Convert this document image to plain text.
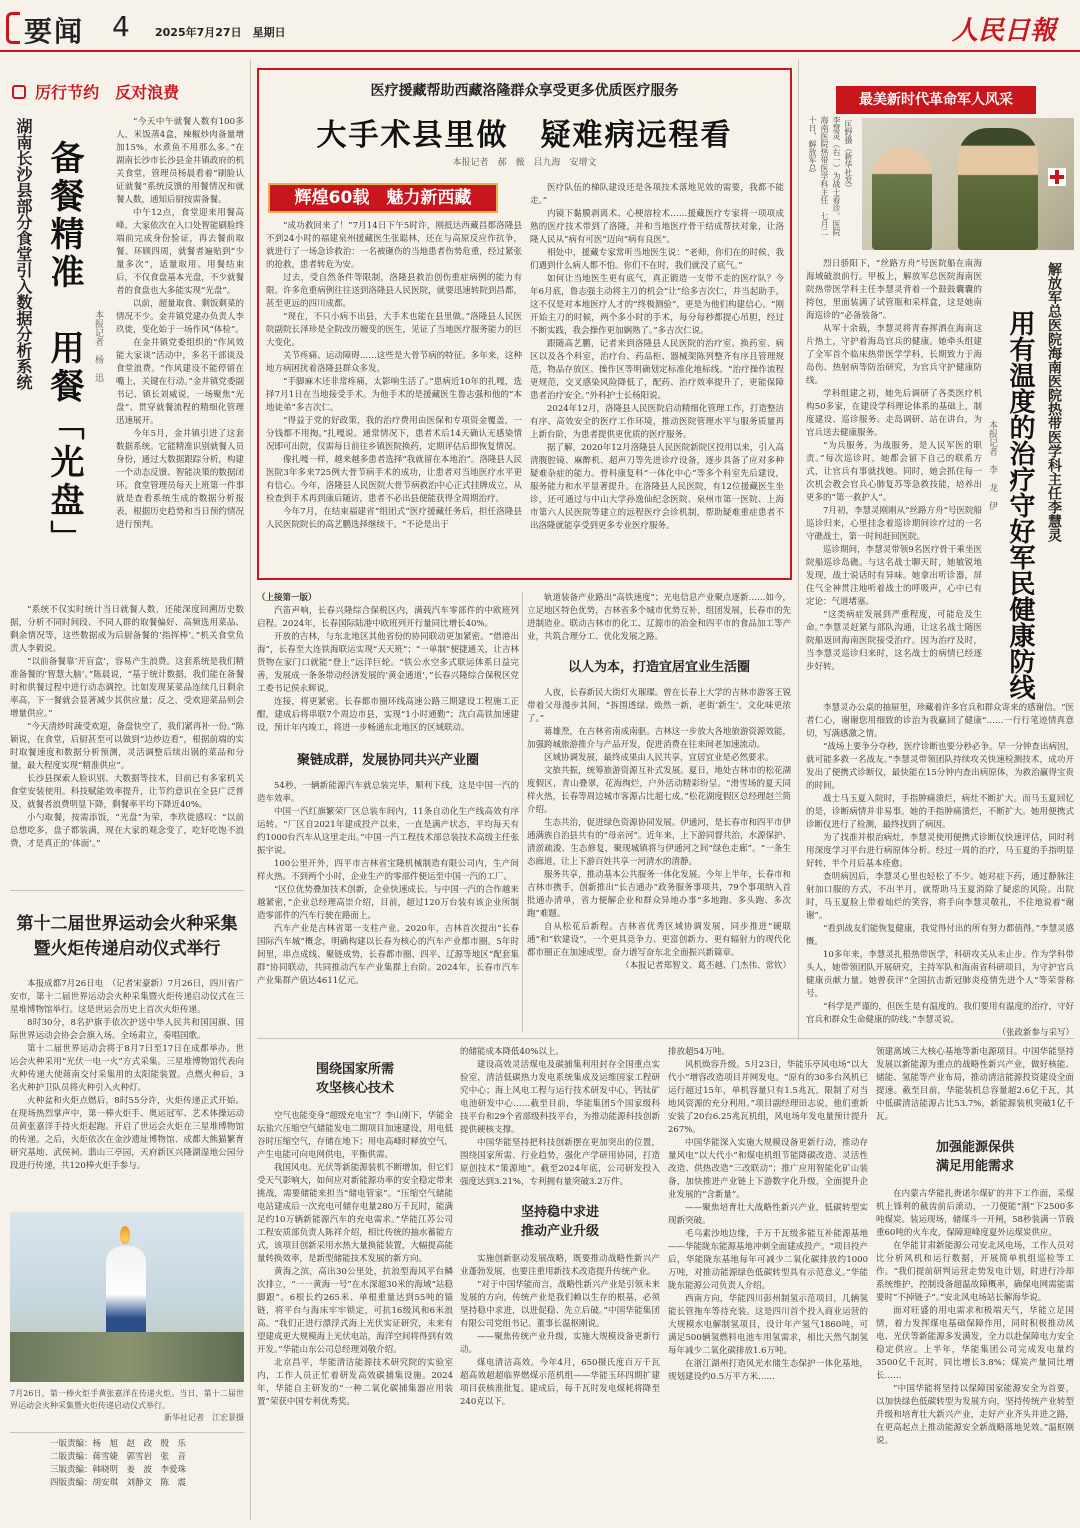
要闻 4 2025年7月27日　星期日	人民日報
厉行节约　反对浪费
湖南长沙县部分食堂引入数据分析系统 备餐精准　用餐「光盘」	本报记者　杨　迅

“今天中午就餐人数有100多人，米饭蒸4盒，辣椒炒肉备量增加15%，水煮鱼不用那么多。”在湖南长沙市长沙县金井镇政府的机关食堂，管理员杨晨看着“刷脸认证就餐”系统反馈的用餐情况和就餐人数，通知后厨按需备餐。

中午12点，食堂迎来用餐高峰。大家依次在入口处智能刷脸终端前完成身份验证，再去餐前取餐。环顾四周，就餐者遍贴到“少量多次”，适量取用。用餐结束后，不仅食盘基本光盘，不少就餐者的食盘也大多能实现“光盘”。

以前，超量取食、剩饭剩菜的情况不少。金井镇党建办负责人李玖徙，变化始于一场作风“体检”。

在金井镇党委组织的“作风效能大家谈”活动中，多名干部谈及食堂浪费。“作风建设不能停留在嘴上，关键在行动。”金井镇党委副书记、镇长刘威说，一场聚焦“光盘”、贯穿就餐流程的精细化管理迅速展开。

今年5月，金井镇引进了这套数据系统。它能精准识别就餐人员身份，通过大数据跟踪分析，构建一个动态反馈、智能决策的数据闭环。食堂管理员每天上班第一件事就是查看系统生成的数据分析报表，根据历史趋势和当日预约情况进行预判。

“系统不仅实时统计当日就餐人数，还能深度回溯历史数据，分析不同时间段、不同人群的取餐偏好、高频选用菜品、剩余情况等，这些数据成为后厨备餐的‘指挥棒’。”机关食堂负责人李毅说。

“以前备餐靠‘开盲盒’，容易产生浪费。这套系统是我们精准备餐的‘智慧大脑’。”陈晨说，“基于统计数据，我们能在备餐时和供餐过程中进行动态调控。比如发现某菜品连续几日剩余率高，下一餐就会显著减少其供应量；反之，受欢迎菜品则会增量供应。”

“今天清炒时蔬受欢迎，备盘快空了，我们紧再补一份。”陈颖说，在食堂，后厨甚至可以做到“边炒边看”，根据前端的实时取餐速度和数据分析预测，灵活调整后续出锅的菜品和分量，最大程度实现“精准供应”。

长沙县探索人脸识别、大数据等技术，目前已有多家机关食堂安装使用。科技赋能效率提升，让节约意识在全县广泛普及，就餐者浪费明显下降，剩餐率平均下降近40%。

小勺取餐，按需添饭，“光盘”为荣，李玖徙感叹：“以前总想吃多，盘子都装满，现在大家的观念变了，吃好吃饱不浪费，才是真正的‘体面’。”

第十二届世界运动会火种采集
暨火炬传递启动仪式举行

本报成都7月26日电　（记者宋豪新）7月26日，四川省广安市，第十二届世界运动会火种采集暨火炬传递启动仪式在三星堆博物馆举行。这是世运会历史上首次火炬传递。

8时30分，8名护旗手依次护送中华人民共和国国旗、国际世界运动会协会会旗入场。全场肃立，奏唱国歌。

第十二届世界运动会将于8月7日至17日在成都举办。世运会火种采用“光伏一电一火”方式采集。三星堆博物馆代表向火种传递大使蒋南交付采集用的太阳能装置。点燃火种后，3名火种护卫队员将火种引入火种灯。

火种盆和火炬点燃后，8时55分许，火炬传递正式开始。在现场热烈掌声中，第一棒火炬手、奥运冠军、艺术体操运动员黄张嘉洋手持火炬起跑。开启了世运会火炬在三星堆博物馆的传递。之后，火炬依次在金沙遗址博物馆、成都大熊猫繁育研究基地、武侯祠、翡山三亭园，天府新区兴隆湖湿地公园分段进行传递，共120棒火炬手参与。

7月26日，第一棒火炬手黄张嘉洋在传递火炬。当日，第十二届世界运动会火种采集暨火炬传递启动仪式举行。
新华社记者　江宏景摄
一版责编：杨　旭　赵　政　殷　乐
二版责编：蒋雪婕　郭雪岩　张　音
三版责编：韩晓明　姜　波　李爱珠
四版责编：胡安琪　刘静文　陈　震
医疗援藏帮助西藏洛隆群众享受更多优质医疗服务
大手术县里做　疑难病远程看
本报记者　郝　薇　吕九海　安增文
辉煌60载　魅力新西藏

“成功救回来了！”7月14日下午5时许，刚抵达西藏昌都洛隆县不到24小时的福建泉州援藏医生张聪林，还在与高原反应作抗争，就进行了一场急诊救治：一名被砸伤的当地患者伤势危重，经过紧张的抢救，患者转危为安。

过去，受自然条件等限制，洛隆县救治创伤重症病例的能力有限。许多危重病例往往送到洛隆县人民医院，就要迅速转院到昌都，甚至更远的四川成都。

“现在，不只小病不出县，大手术也能在县里做。”洛隆县人民医院副院长泽珍是全院改历嬗变的医生，见证了当地医疗服务能力的巨大变化。

关节疼痛、运动障碍……这些是大骨节病的特征。多年来，这种地方病困扰着洛隆县群众多发。

“手脚麻木还非常疼痛，太影响生活了。”患病近10年的扎嘎，选择7月1日在当地接受手术。为他手术的是援藏医生鲁志强和他的“本地徒弟”多吉次仁。

“得益于党的好政策，我的治疗费用由医保和专项资金覆盖，一分钱都不用掏。”扎嘎说。通常情况下，患者术后14天确认无感染情况即可出院，仅需每日前往乡镇医院换药，定期评估后即恢复情况。

像扎嘎一样，越来越多患者选择“我就留在本地治”。洛隆县人民医院3年多来725例大骨节病手术的成功，让患者对当地医疗水平更有信心。今年，洛隆县人民医院大骨节病救治中心正式挂牌成立，从检查到手术再到康后随访，患者不必出县便能获得全周期治疗。

今年7月，在结束福建省“组团式”医疗援藏任务后，担任洛隆县人民医院院长的高艺鹏选择继续干。“不论是出于

医疗队伍的梯队建设还是各项技术落地见效的需要，我都不能走。”

内镜下黏膜剥离术、心梗溶栓术……援藏医疗专家将一项项成熟的医疗技术带到了洛隆，并和当地医疗骨干结成帮扶对象，让洛隆人民从“病有可医”迈向“病有良医”。

相处中，援藏专家常听当地医生说：“老师，你们在的时候，我们遇到什么病人都不怕。你们不在时，我们就没了底气。”

如何让当地医生更有底气，真正锻造一支带不走的医疗队？今年6月底，鲁志强主动将主刀的机会“让”给多吉次仁，并当起助手。这不仅是对本地医疗人才的“终极测验”，更是为他们构建信心。“刚开始主刀的时候，两个多小时的手术，每分每秒都提心吊胆，经过不断实践，我会操作更加娴熟了。”多吉次仁说。

跟随高艺鹏，记者来到洛隆县人民医院的治疗室、换药室、病区以及各个科室，治疗台、药品柜、器械架陈列整齐有序且管理规范，物品存放区、操作区等明确划定标准化地标线。“治疗操作流程更规范，交叉感染风险降低了，配药、治疗效率提升了，更能保障患者治疗安全。”外科护士长杨阳说。

2024年12月，洛隆县人民医院启动精细化管理工作，打造整洁有序、高效安全的医疗工作环境，推动医院管理水平与服务质量再上新台阶，为患者提供更优质的医疗服务。

据了解，2020年12月洛隆县人民医院新院区投用以来，引入高清腹腔镜、麻醉机、超声刀等先进诊疗设备，逐步具备了应对多种疑难杂症的能力。骨科康复科“一体化中心”等多个科室先后建设，服务能力和水平显著提升。在洛隆县人民医院，有12位援藏医生坐诊，还可通过与中山大学孙逸仙纪念医院、泉州市第一医院、上海市第六人民医院等建立的远程医疗会诊机制，帮助疑难重症患者不出洛隆就能享受到更多专业医疗服务。

（上接第一版）

汽笛声响，长春兴隆综合保税区内，满载汽车零部件的中欧班列启程。2024年，长春国际陆港中欧班列开行量同比增长40%。

开放的吉林，与东北地区其他省份的协同联动更加紧密。“借港出海”，长春至大连铁海联运实现“天天班”；“一单制”便捷通关，让吉林货物在家门口就能“登上”远洋巨轮。“铁公水空多式联运体系日益完善，发展成一条条带动经济发展的‘黄金通道’，”长春兴隆综合保税区党工委书记侯永辉说。

连接，将更紧密。长春都市圈环线高速公路三期建设工程施工正酣，建成后将串联7个周边市县，实现“1小时通勤”；沈白高铁加速建设，预计年内竣工，将进一步畅通东北地区的区域联动。

聚链成群，发展协同共兴产业圈

54秒，一辆新能源汽车就总装完毕，顺利下线，这是中国一汽的造车效率。

中国一汽红旗繁荣厂区总装车间内，11条自动化生产线高效有序运转。“厂区自2021年建成投产以来，一直是满产状态，平均每天有约1000台汽车从这里走出。”中国一汽工程技术部总装技术高级主任张振宇说。

100公里开外，四平市吉林省宝隆机械制造有限公司内，生产间样火热。不到两个小时，企业生产的零部件便运至中国一汽的工厂。

“区位优势叠加技术创新，企业快速成长。与中国一汽的合作越来越紧密，”企业总经理高崇介绍，目前，超过120万台装有该企业所制造零部件的汽车行驶在路面上。

汽车产业是吉林省第一支柱产业。2020年，吉林首次提出“长春国际汽车城”概念，明确构建以长春为核心的汽车产业都市圈。5年时间里，串点成线、聚链成势，长春都市圈、四平、辽源等地区“配套集群”协同联动，共同推动汽车产业集群上台阶。2024年，长春市汽车产业集群产值达4611亿元。

轨道装备产业路出“高铁速度”；光电信息产业聚点逐新……如今，立足地区特色优势，吉林省多个城市优势互补，组团发展，长春市的先进制造业、联动吉林市的化工、辽源市的冶金和四平市的食品加工等产业，共筑合理分工、优化发展之路。

以人为本，打造宜居宜业生活圈

人夜，长春新民大街灯火璀璨。曾在长春上大学的吉林市游客王锐带着父母漫步其间，“拆围透绿、焕然一新，老街‘新生’，文化味更浓了。”

蒋雄焘，在吉林省南成南驱。吉林这一步放大各地旅游资源效能，加强跨城旅游推介与产品开发，促进消费在往来间老加速流动。

区域协调发展，最终成果由人民共享，宜居宜业是必然要求。

文旅共振，统筹旅游资源互补式发展。夏日，地处吉林市的松花湖度假区，青山叠翠，花海绚烂，户外活动精彩纷呈。“滑雪场的夏天同样火热，长春等周边城市客源占比超七成。”松花湖度假区总经理赵兰简介绍。

生态共治，促进绿色资源协同发展。伊通河，是长春市和四平市伊通满族自治县共有的“母亲河”。近年来，上下游同督共治，水源保护、清淤疏浚、生态修复，聚现城镇将与伊通河之间“绿色走廊”。“一条生态廊道，让上下游百姓共享一河清水的清静。

服务共享，推动基本公共服务一体化发展。今年上半年，长春市和吉林市携手，创新推出“长吉通办”政务服务事项共，79个事项纳入首批通办清单，省力便解企业和群众异地办事“多地跑、多头跑、多次跑”难题。

自从松花后新程。吉林省优秀区域协调发展，同步推进“硬联通”和“软建设”，一个更具竞争力、更富创新力、更有辐射力的现代化都市圈正在加速成型，奋力谱写奋东北全面振兴新篇章。

（本报记者郑智文、葛丕越、门杰伟、常钦）
最美新时代革命军人风采
李慧灵（右一）为战士看诊。医院海南医院热带医学科主任　七月二十日，解放军总	匡野摄（新华社发）

烈日骄阳下，“丝路方舟”号医院船在南海海域破浪前行。甲板上，解放军总医院海南医院热带医学科主任李慧灵背着一个鼓鼓囊囊的挎包，里面装满了试管瓶和采样盒，这是她南海巡诊的“必备装备”。

从军十余载，李慧灵将青春挥洒在海南这片热土，守护着海岛官兵的健康。她牵头组建了全军首个临床热带医学学科，长期致力于海岛伤、热射病等防治研究，为官兵守护健康防线。

学科组建之初，她先后调研了各类医疗机构50多家，在建设学科理论体系的基础上，制度建设、巡诊服务、走岛调研、站在讲台，为官兵送去健康服务。

“为兵服务，为战服务，是人民军医的职责。”每次巡诊时，她都会留下自己的联系方式，让官兵有事就找她。同时，她会抓住每一次机会教会官兵心肺复苏等急救技能，培养出更多的“第一救护人”。

7月初，李慧灵刚刚从“丝路方舟”号医院船巡诊归来，心里挂念着巡诊期间诊疗过的一名守礁战士，第一时间赶回医院。

巡诊期间，李慧灵带领9名医疗骨干乘坐医院船巡诊岛礁。与这名战士聊天时，她敏锐地发现，战士说话时有异味。她拿出听诊器，屏住气全神贯注地听着战士的呼吸声，心中已有定论：气道堵塞。

“这类病症发展到严重程度，可能危及生命。”李慧灵赶紧与部队沟通，让这名战士随医院船返回海南医院接受治疗。因为治疗及时，当李慧灵巡诊归来时，这名战士的病情已经逐步好转。

本报记者　李　龙　伊 用有温度的治疗守好军民健康防线 解放军总医院海南医院热带医学科主任李慧灵

李慧灵办公桌的抽屉里，珍藏着许多官兵和群众寄来的感谢信。“医者仁心，谢谢您用细致的诊治为我赢回了健康”……一行行笔迹情真意切，写满感激之情。

“战场上要争分夺秒，医疗诊断也要分秒必争。早一分钟查出病因，就可能多救一名战友。”李慧灵带领团队持续攻关快速检测技术，成功开发出了便携式诊断仪，最快能在15分钟内查出病原体，为救治赢得宝贵的时间。

战士马玉夏入院时，手指肿痛溃烂，病灶不断扩大。而马玉夏回忆的是，诊断病情并非易事。她的手指肿痛溃烂，不断扩大。她用便携式诊断仪进行了检测，最终找到了病因。

为了找准并根治病灶，李慧灵使用便携式诊断仪快速评估，同时利用深度学习平台进行病原体分析。经过一周的治疗，马玉夏的手指明显好转，半个月后基本痊愈。

查明病因后，李慧灵心里也轻松了不少。她对症下药，通过静脉注射加口服的方式，不出半月，就帮助马玉夏消除了疑虑的风险。出院时，马玉夏脸上带着灿烂的笑容，将手向李慧灵敬礼，不住地说着“谢谢”。

“看到战友们能恢复健康，我觉得付出的所有努力都值得。”李慧灵感慨。

10多年来，李慧灵扎根热带医学，科研攻关从未止步。作为学科带头人，她带领团队开展研究，主持军队和海南省科研项目，为守护官兵健康贡献力量。她曾获评“全国抗击新冠肺炎疫情先进个人”等荣誉称号。

“科学是严谨的，但医生是有温度的。我们要用有温度的治疗，守好官兵和群众生命健康的防线。”李慧灵说。

（张政新参与采写）
围绕国家所需
攻坚核心技术

空气也能变身“超级充电宝”？李山刚下，华能金坛盐穴压缩空气储能发电二期项目加速建设，用电低谷时压缩空气，存储在地下；用电高峰时释放空气，产生电能可向电网供电，平衡供需。

我国风电、光伏等新能源装机不断增加，但它们受天气影响大，如何应对新能源功率的安全稳定带来挑战，需要储能来担当“储电管家”。“压缩空气储能电站建成后一次充电可储存电量280万千瓦时，能满足约10万辆新能源汽车的充电需求。”华能江苏公司工程安质部负责人陈祥介绍，相比传统的抽水蓄能方式，该项目创新采用水热大量换能装置，大幅提高能量转换效率，是新型储能技术发展的新方向。

黄海之滨，高出30公里处，抗浪型海风平台鳞次排立，“一一黄海一号”在水深超30米的海域“站稳脚跟”。6根长约265米、单根重量达到55吨的锚链，将平台与海床牢牢锁定，可抗16级风和6米浪高。“我们正进行漂浮式海上光伏实证研究，未来有望建成更大规模海上光伏电站，海洋空间将得到有效开发。”华能山东公司总经理刘敬介绍。

北京昌平，华能清洁能源技术研究院的实验室内，工作人员正忙着研发高效碳捕集设施。2024年，华能自主研发的“一种二氧化碳捕集器应用装置”荣获中国专利优秀奖。

的储能成本降低40%以上。

建设高效灵活煤电及碳捕集利用封存全国重点实验室，清洁低碳热力发电系统集成及运维国家工程研究中心；海上风电工程与运行技术研发中心，钙钛矿电池研发中心……截至目前，华能集团5个国家级科技平台和29个省部级科技平台，为推动能源科技创新提供硬核支撑。

中国华能坚持把科技创新摆在更加突出的位置，围绕国家所需、行业趋势，强化产学研用协同，打造原创技术“策源地”。截至2024年底，公司研发投入强度达到3.21%，专利拥有量突破3.2万件。

坚持稳中求进
推动产业升级

实施创新驱动发展战略，既要推动战略性新兴产业蓬勃发展，也要注重用新技术改造提升传统产业。

“对于中国华能而言，战略性新兴产业是引领未来发展的方向，传统产业是我们赖以生存的根基，必须坚持稳中求进，以进促稳、先立后破。”中国华能集团有限公司党组书记、董事长温枢刚说。

——聚焦传统产业升级，实施大规模设备更新行动。

煤电清洁高效。今年4月，650摄氏度百万千瓦超高效超超临界燃煤示范机组——华能玉环四期扩建项目获核准批复。建成后，每千瓦时发电煤耗将降至240克以下。

排放超54万吨。

风机焕容升级。5月23日，华能乐亭风电场“以大代小”增容改造项目并网发电。“原有的30多台风机已运行超过15年，单机容量只有1.5兆瓦，限制了对当地风资源的充分利用。”项目副经理田志说，他们重新安装了20台6.25兆瓦机组，风电场年发电量预计提升267%。

中国华能深入实施大规模设备更新行动，推动存量风电“以大代小”和煤电机组节能降碳改造、灵活性改造、供热改造“三改联动”；推广应用智能化矿山装备，加快推进产业链上下游数字化升级，全面提升企业发展的“含新量”。

——聚焦培育壮大战略性新兴产业，低碳转型实现新突破。

毛乌素沙地边缘，千万千瓦级多能互补能源基地——华能陇东能源基地冲刺全面建成投产。“项目投产后，华能陇东基地每年可减少二氧化碳排放约1000万吨，对推动能源绿色低碳转型具有示范意义。”华能陇东能源公司负责人介绍。

西南方向，华能四川彭州制氢示范项目，几辆氢能长管拖车等待充装。这是四川首个投入商业运营的大规模水电解制氢项目，设计年产氢气1860吨，可满足500辆氢燃料电池车用氢需求，相比天然气制氢每年减少二氧化碳排放1.6万吨。

在浙江湖州打造风光水储生态保护一体化基地，规划建设约0.5万平方米……

领建离域三大核心基地等新电源项目。中国华能坚持发展以新能源为重点的战略性新兴产业，做好核能、储能、氢能等产业布局，推动清洁能源投资建设全面提速。截至目前，华能装机总容量超2.6亿千瓦，其中低碳清洁能源占比53.7%，新能源装机突破1亿千瓦。

加强能源保供
满足用能需求

在内蒙古华能扎赉诺尔煤矿的井下工作面，采煤机上锋利的截齿前后滚动，一刀便能“割”下2500多吨煤炭。装运现场，储煤斗一开闸，58秒装满一节载重60吨的火车皮，保障迎峰度夏外运煤炭供应。

在华能甘肃新能源公司安北风电场，工作人员对比分析风机和运行数据，开展简单机组巡检等工作。“我们提前研判运营走势发电计划，时进行冷却系统维护，控制设备超温故障概率，确保电网需能需要时“不掉链子”。”安北风电场站长解海华说。

面对旺盛的用电需求和极端天气，华能立足国情，着力发挥煤电基础保障作用，同时积极推动风电、光伏等新能源多发满发，全力以赴保障电力安全稳定供应。上半年，华能集团公司完成发电量约3500亿千瓦时，同比增长3.8%；煤炭产量同比增长……

“中国华能将坚持以保障国家能源安全为首要，以加快绿色低碳转型为发展方向，坚持传统产业转型升级和培育壮大新兴产业，走好产业齐头并进之路，在更高起点上推动能源安全新战略落地见效。”温枢刚说。
